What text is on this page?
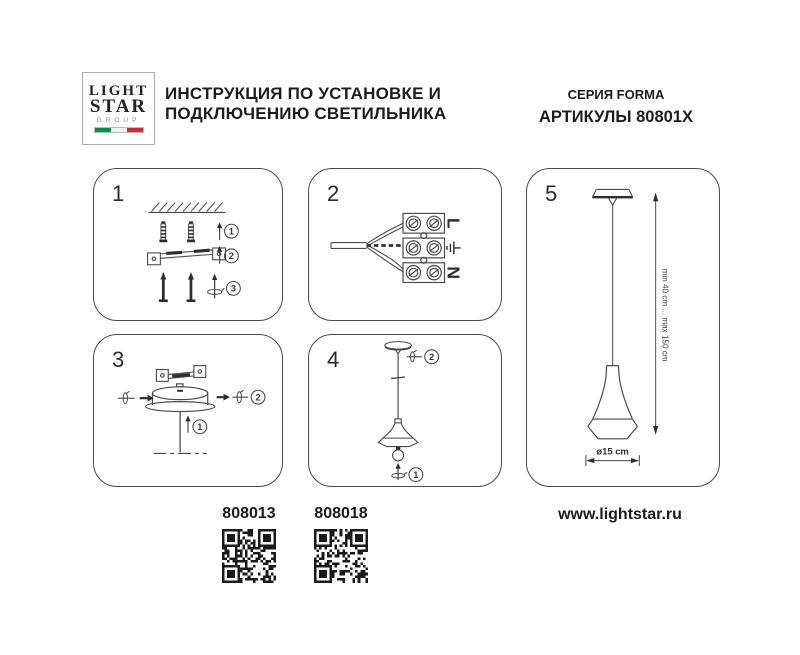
LIGHT
STAR
GROUP
ИНСТРУКЦИЯ ПО УСТАНОВКЕ И
ПОДКЛЮЧЕНИЮ СВЕТИЛЬНИКА
СЕРИЯ FORMA
АРТИКУЛЫ 80801X
1
2
3
1
L
N
2
2
1
3	2
1
4	min 40 cm ... max 150 cm
ø15 cm
5
808013	808018	www.lightstar.ru
